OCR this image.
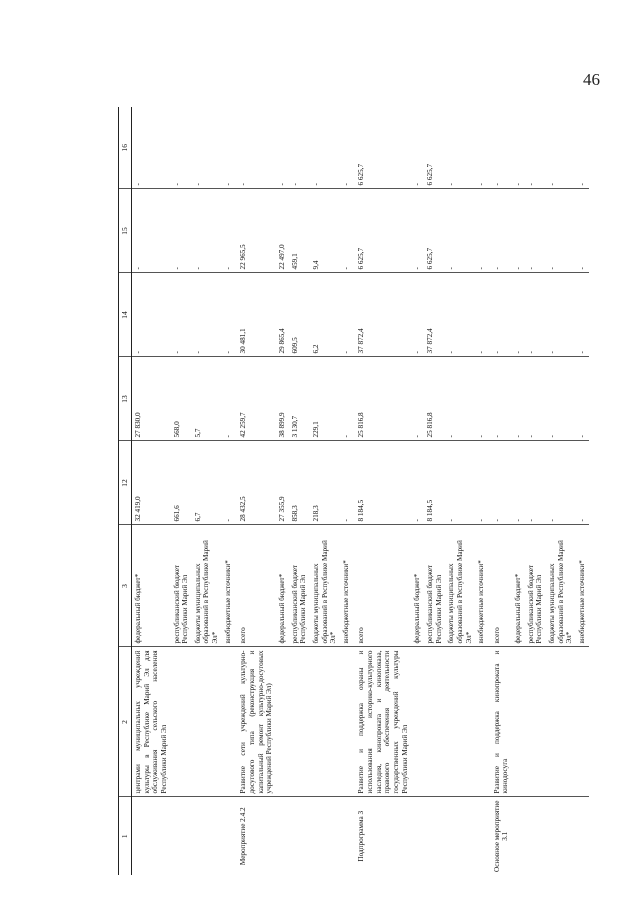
46
1	2	3	12	13	14	15	16
	центрами муниципальных учреждений культуры в Республике Марий Эл для обслуживания сельского населения Республики Марий Эл	федеральный бюджет*	32 419,0	27 830,0	-	-	-
		республиканский бюджет Республики Марий Эл	661,6	568,0	-	-	-
		бюджеты муниципальных образований в Республике Марий Эл*	6,7	5,7	-	-	-
		внебюджетные источники*	-	-	-	-	-
Мероприятие 2.4.2	Развитие сети учреждений культурно-досугового типа (реконструкция и капитальный ремонт культурно-досуговых учреждений Республики Марий Эл)	всего	28 432,5	42 259,7	30 481,1	22 965,5	-
		федеральный бюджет*	27 355,9	38 899,9	29 865,4	22 497,0	-
		республиканский бюджет Республики Марий Эл	858,3	3 130,7	609,5	459,1	-
		бюджеты муниципальных образований в Республике Марий Эл*	218,3	229,1	6,2	9,4	-
		внебюджетные источники*	-	-	-	-	-
Подпрограмма 3	Развитие и поддержка охраны и использования историко-культурного наследия, кинопроката и кинопоказа, правового обеспечения деятельности государственных учреждений культуры Республики Марий Эл	всего	8 184,5	25 816,8	37 872,4	6 625,7	6 625,7
		федеральный бюджет*	-	-	-	-	-
		республиканский бюджет Республики Марий Эл	8 184,5	25 816,8	37 872,4	6 625,7	6 625,7
		бюджеты муниципальных образований в Республике Марий Эл*	-	-	-	-	-
		внебюджетные источники*	-	-	-	-	-
Основное мероприятие 3.1	Развитие и поддержка кинопроката и кинодосуга	всего	-	-	-	-	-
		федеральный бюджет*	-	-	-	-	-
		республиканский бюджет Республики Марий Эл	-	-	-	-	-
		бюджеты муниципальных образований в Республике Марий Эл*	-	-	-	-	-
		внебюджетные источники*	-	-	-	-	-
